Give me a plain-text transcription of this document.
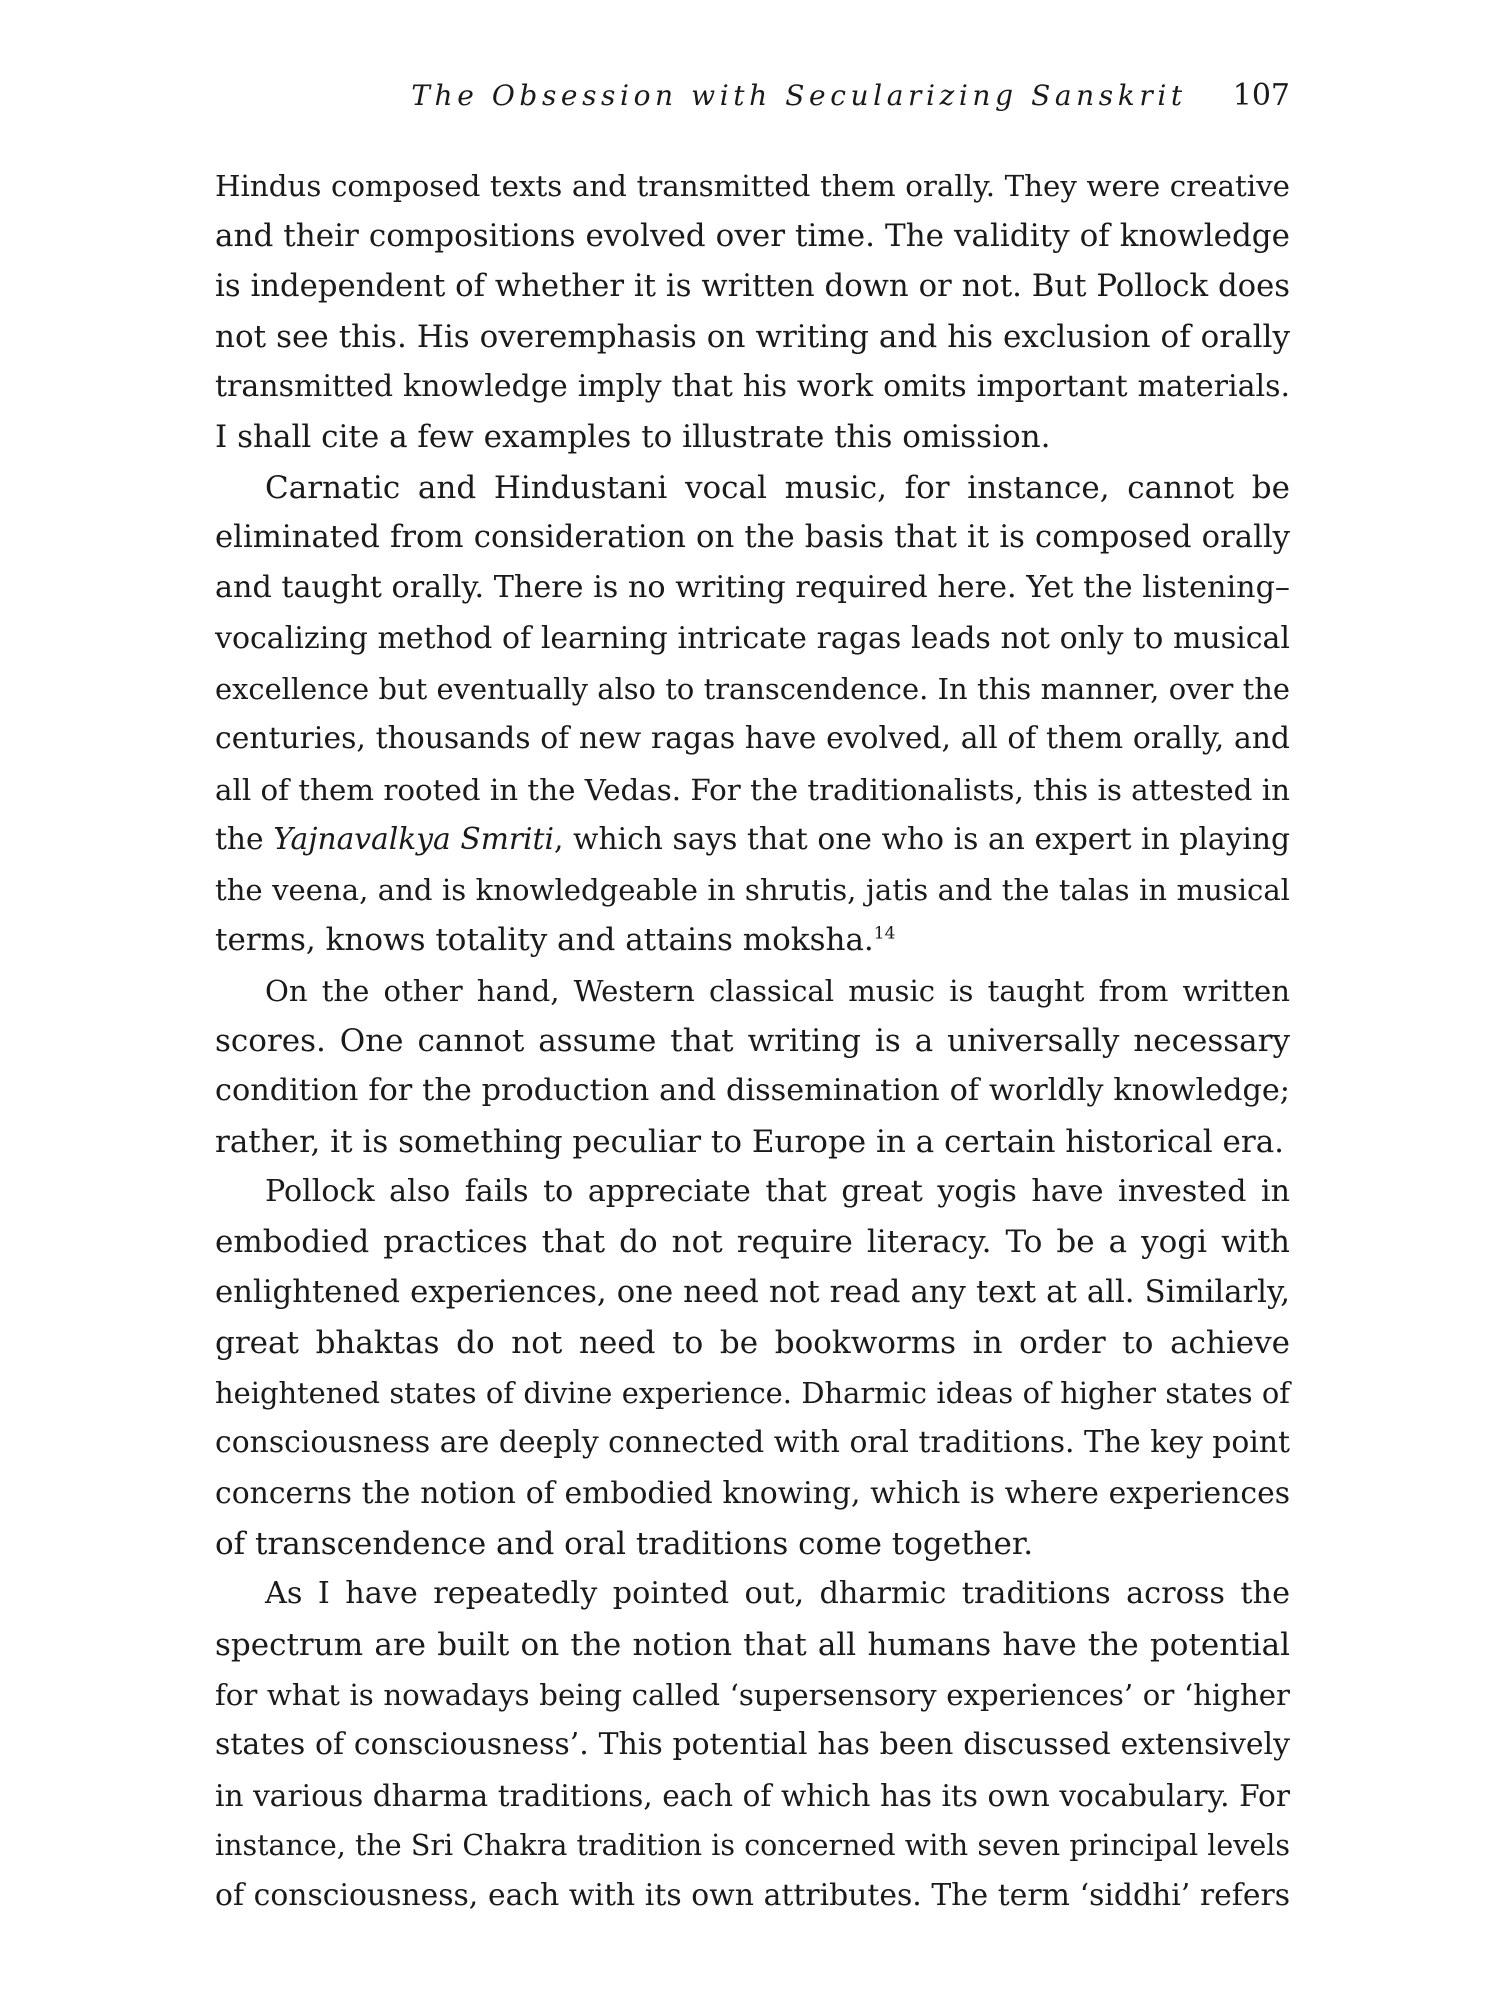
The Obsession with Secularizing Sanskrit 107
Hindus composed texts and transmitted them orally. They were creative
and their compositions evolved over time. The validity of knowledge
is independent of whether it is written down or not. But Pollock does
not see this. His overemphasis on writing and his exclusion of orally
transmitted knowledge imply that his work omits important materials.
I shall cite a few examples to illustrate this omission.
Carnatic and Hindustani vocal music, for instance, cannot be
eliminated from consideration on the basis that it is composed orally
and taught orally. There is no writing required here. Yet the listening–
vocalizing method of learning intricate ragas leads not only to musical
excellence but eventually also to transcendence. In this manner, over the
centuries, thousands of new ragas have evolved, all of them orally, and
all of them rooted in the Vedas. For the traditionalists, this is attested in
the Yajnavalkya Smriti, which says that one who is an expert in playing
the veena, and is knowledgeable in shrutis, jatis and the talas in musical
terms, knows totality and attains moksha.$^{14}$
On the other hand, Western classical music is taught from written
scores. One cannot assume that writing is a universally necessary
condition for the production and dissemination of worldly knowledge;
rather, it is something peculiar to Europe in a certain historical era.
Pollock also fails to appreciate that great yogis have invested in
embodied practices that do not require literacy. To be a yogi with
enlightened experiences, one need not read any text at all. Similarly,
great bhaktas do not need to be bookworms in order to achieve
heightened states of divine experience. Dharmic ideas of higher states of
consciousness are deeply connected with oral traditions. The key point
concerns the notion of embodied knowing, which is where experiences
of transcendence and oral traditions come together.
As I have repeatedly pointed out, dharmic traditions across the
spectrum are built on the notion that all humans have the potential
for what is nowadays being called ‘supersensory experiences’ or ‘higher
states of consciousness’. This potential has been discussed extensively
in various dharma traditions, each of which has its own vocabulary. For
instance, the Sri Chakra tradition is concerned with seven principal levels
of consciousness, each with its own attributes. The term ‘siddhi’ refers
